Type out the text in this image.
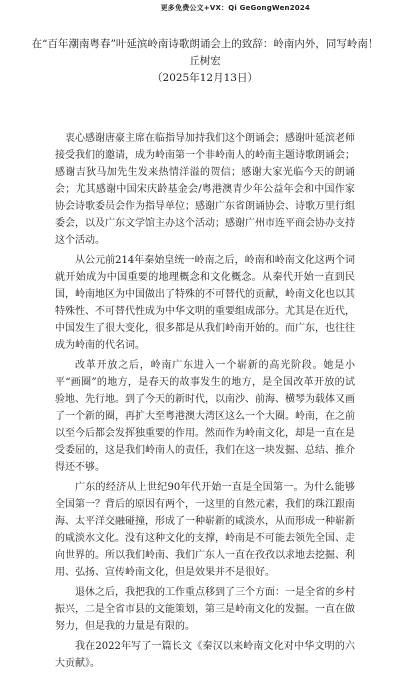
更多免费公文+VX：Qi GeGongWen2024

在“百年潮南粤春”叶延滨岭南诗歌朗诵会上的致辞：岭南内外，同写岭南！

丘树宏

（2025年12月13日）

衷心感谢唐豪主席在临指导加持我们这个朗诵会；感谢叶延滨老师接受我们的邀请，成为岭南第一个非岭南人的岭南主题诗歌朗诵会；感谢吉狄马加先生发来热情洋溢的贺信；感谢大家光临今天的朗诵会；尤其感谢中国宋庆龄基金会/粤港澳青少年公益年会和中国作家协会诗歌委员会作为指导单位；感谢广东省朗诵协会、诗歌万里行组委会，以及广东文学馆主办这个活动；感谢广州市连平商会协办支持这个活动。

从公元前214年秦始皇统一岭南之后，岭南和岭南文化这两个词就开始成为中国重要的地理概念和文化概念。从秦代开始一直到民国，岭南地区为中国做出了特殊的不可替代的贡献，岭南文化也以其特殊性、不可替代性成为中华文明的重要组成部分。尤其是在近代，中国发生了很大变化，很多都是从我们岭南开始的。而广东，也往往成为岭南的代名词。

改革开放之后，岭南广东进入一个崭新的高光阶段。她是小平“画圈”的地方，是春天的故事发生的地方，是全国改革开放的试验地、先行地。到了今天的新时代，以南沙、前海、横琴为载体又画了一个新的圈，再扩大至粤港澳大湾区这么一个大圈。岭南，在之前以至今后都会发挥独重要的作用。然而作为岭南文化，却是一直在是受委屈的，这是我们岭南人的责任，我们在这一块发掘、总结、推介得还不够。

广东的经济从上世纪90年代开始一直是全国第一。为什么能够全国第一？背后的原因有两个，一这里的自然元素，我们的珠江跟南海、太平洋交融碰撞，形成了一种崭新的咸淡水，从而形成一种崭新的咸淡水文化。没有这种文化的支撑，岭南是不可能去领先全国、走向世界的。所以我们岭南、我们广东人一直在孜孜以求地去挖掘、利用、弘扬、宣传岭南文化，但是效果并不是很好。

退休之后，我把我的工作重点移到了三个方面：一是全省的乡村振兴，二是全省市县的文能策划，第三是岭南文化的发掘。一直在做努力，但是我的力量是有限的。

我在2022年写了一篇长文《秦汉以来岭南文化对中华文明的六大贡献》。
